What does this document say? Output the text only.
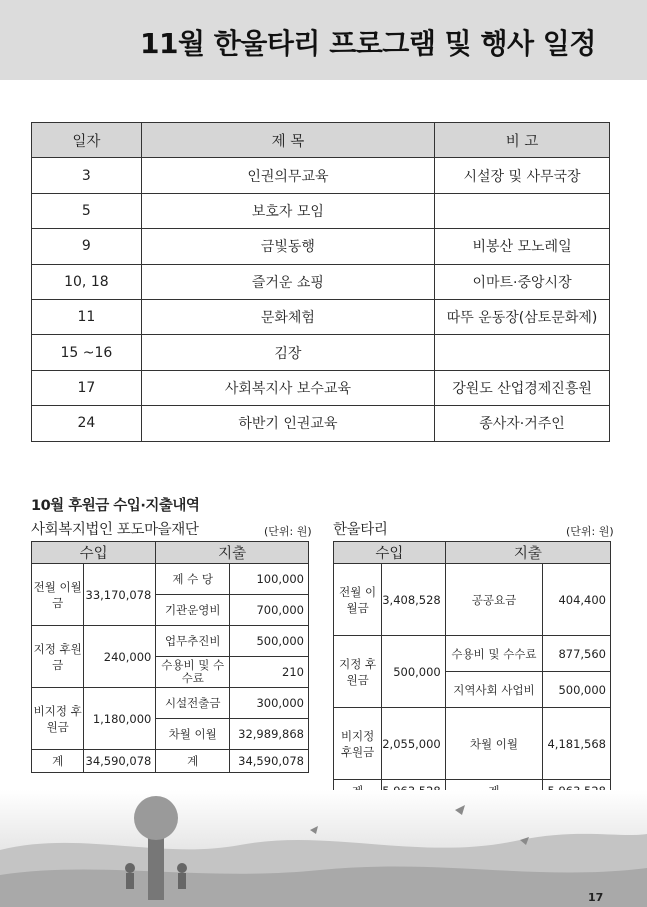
11월 한울타리 프로그램 및 행사 일정
일자	제 목	비 고
3	인권의무교육	시설장 및 사무국장
5	보호자 모임	
9	금빛동행	비봉산 모노레일
10, 18	즐거운 쇼핑	이마트·중앙시장
11	문화체험	따뚜 운동장(삼토문화제)
15 ~16	김장	
17	사회복지사 보수교육	강원도 산업경제진흥원
24	하반기 인권교육	종사자·거주인
10월 후원금 수입·지출내역
사회복지법인 포도마을재단	(단위: 원) 한울타리	(단위: 원)
수입		지출	
전월 이월금	33,170,078	제 수 당	100,000
		기관운영비	700,000
지정 후원금	240,000	업무추진비	500,000
		수용비 및 수수료	210
비지정 후원금	1,180,000	시설전출금	300,000
		차월 이월	32,989,868
계	34,590,078	계	34,590,078
수입		지출	
전월 이월금	3,408,528	공공요금	404,400

지정 후원금	500,000	수용비 및 수수료	877,560
		지역사회 사업비	500,000
비지정 후원금	2,055,000	차월 이월	4,181,568

17
